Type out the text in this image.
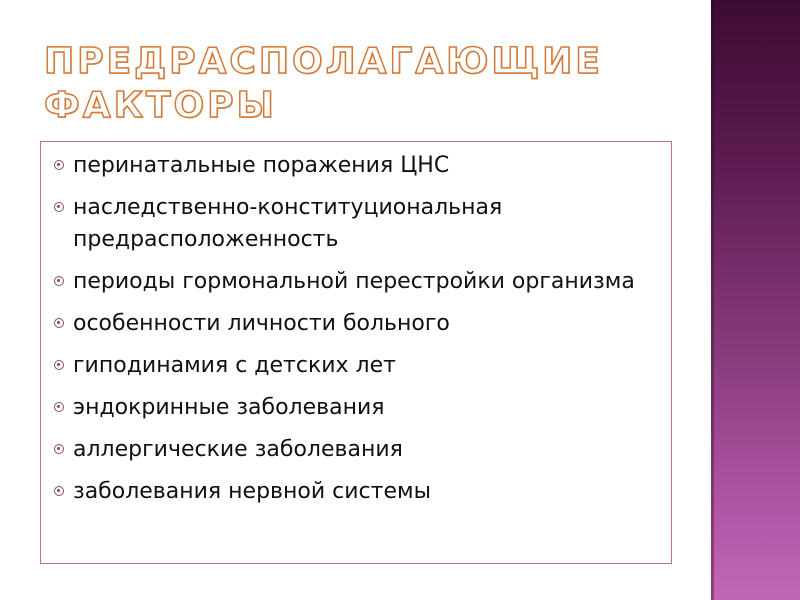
ПРЕДРАСПОЛАГАЮЩИЕ
ФАКТОРЫ
перинатальные поражения ЦНС
наследственно-конституциональная предрасположенность
периоды гормональной перестройки организма
особенности личности больного
гиподинамия с детских лет
эндокринные заболевания
аллергические заболевания
заболевания нервной системы
